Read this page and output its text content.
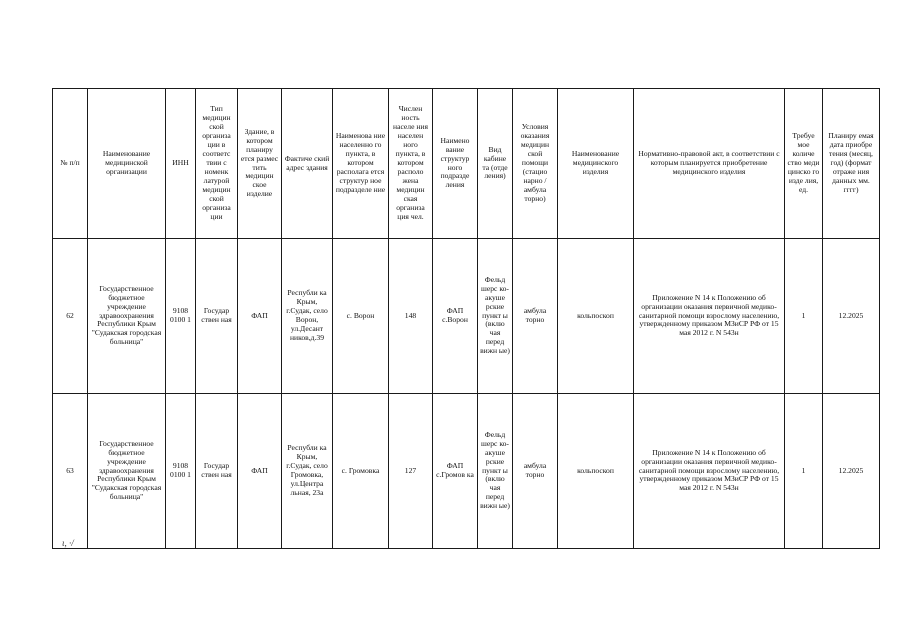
№ п/п	Наименование медицинской организации	ИНН	Тип медицин ской организа ции в соответс твии с номенк латурой медицин ской организа ции	Здание, в котором планиру ется размес тить медицин ское изделие	Фактиче ский адрес здания	Наименова ние населенно го пункта, в котором располага ется структур ное подразделе ние	Числен ность населе ния населен ного пункта, в котором располо жена медицин ская организа ция чел.	Наимено вание структур ного подразде ления	Вид кабине та (отде ления)	Условия оказания медицин ской помощи (стацио нарно / амбула торно)	Наименование медицинского изделия	Нормативно-правовой акт, в соответствии с которым планируется приобретение медицинского изделия	Требуе мое количе ство меди цинско го изде лия, ед.	Планиру емая дата приобре тения (месяц, год) (формат отраже ния данных мм. гггг)
62	Государственное бюджетное учреждение здравоохранения Республики Крым "Судакская городская больница"	9108 0100 1	Государ ствен ная	ФАП	Республи ка Крым, г.Судак, село Ворон, ул.Десант ников,д.39	с. Ворон	148	ФАП с.Ворон	Фельд шерс ко- акуше рские пункт ы (вклю чая перед вижн ые)	амбула торно	кольпоскоп	Приложение N 14 к Положению об организации оказания первичной медико-санитарной помощи взрослому населению, утвержденному приказом МЗиСР РФ от 15 мая 2012 г. N 543н	1	12.2025
63	Государственное бюджетное учреждение здравоохранения Республики Крым "Судакская городская больница"	9108 0100 1	Государ ствен ная	ФАП	Республи ка Крым, г.Судак, село Громовка, ул.Центра льная, 23а	с. Громовка	127	ФАП с.Громов ка	Фельд шерс ко- акуше рские пункт ы (вклю чая перед вижн ые)	амбула торно	кольпоскоп	Приложение N 14 к Положению об организации оказания первичной медико-санитарной помощи взрослому населению, утвержденному приказом МЗиСР РФ от 15 мая 2012 г. N 543н	1	12.2025
ι, ·/
